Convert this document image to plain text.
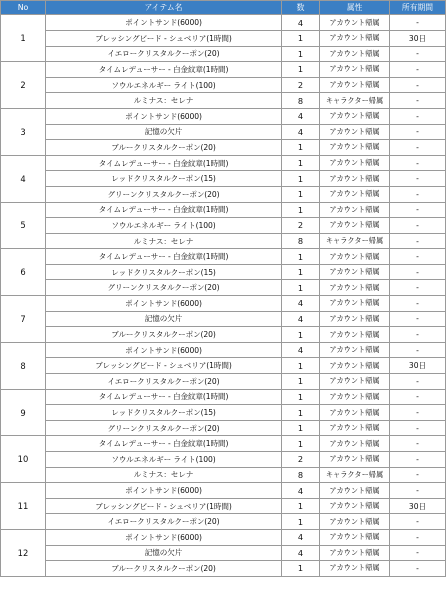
No	アイテム名	数	属性	所有期間
1	ポイントサンド(6000)	4	アカウント帰属	-
	ブレッシングビード - シュベリア(1時間)	1	アカウント帰属	30日
	イエロークリスタルクーポン(20)	1	アカウント帰属	-
2	タイムレデューサー - 白金紋章(1時間)	1	アカウント帰属	-
	ソウルエネルギー ライト(100)	2	アカウント帰属	-
	ルミナス：セレナ	8	キャラクター帰属	-
3	ポイントサンド(6000)	4	アカウント帰属	-
	記憶の欠片	4	アカウント帰属	-
	ブルークリスタルクーポン(20)	1	アカウント帰属	-
4	タイムレデューサー - 白金紋章(1時間)	1	アカウント帰属	-
	レッドクリスタルクーポン(15)	1	アカウント帰属	-
	グリーンクリスタルクーポン(20)	1	アカウント帰属	-
5	タイムレデューサー - 白金紋章(1時間)	1	アカウント帰属	-
	ソウルエネルギー ライト(100)	2	アカウント帰属	-
	ルミナス：セレナ	8	キャラクター帰属	-
6	タイムレデューサー - 白金紋章(1時間)	1	アカウント帰属	-
	レッドクリスタルクーポン(15)	1	アカウント帰属	-
	グリーンクリスタルクーポン(20)	1	アカウント帰属	-
7	ポイントサンド(6000)	4	アカウント帰属	-
	記憶の欠片	4	アカウント帰属	-
	ブルークリスタルクーポン(20)	1	アカウント帰属	-
8	ポイントサンド(6000)	4	アカウント帰属	-
	ブレッシングビード - シュベリア(1時間)	1	アカウント帰属	30日
	イエロークリスタルクーポン(20)	1	アカウント帰属	-
9	タイムレデューサー - 白金紋章(1時間)	1	アカウント帰属	-
	レッドクリスタルクーポン(15)	1	アカウント帰属	-
	グリーンクリスタルクーポン(20)	1	アカウント帰属	-
10	タイムレデューサー - 白金紋章(1時間)	1	アカウント帰属	-
	ソウルエネルギー ライト(100)	2	アカウント帰属	-
	ルミナス：セレナ	8	キャラクター帰属	-
11	ポイントサンド(6000)	4	アカウント帰属	-
	ブレッシングビード - シュベリア(1時間)	1	アカウント帰属	30日
	イエロークリスタルクーポン(20)	1	アカウント帰属	-
12	ポイントサンド(6000)	4	アカウント帰属	-
	記憶の欠片	4	アカウント帰属	-
	ブルークリスタルクーポン(20)	1	アカウント帰属	-
